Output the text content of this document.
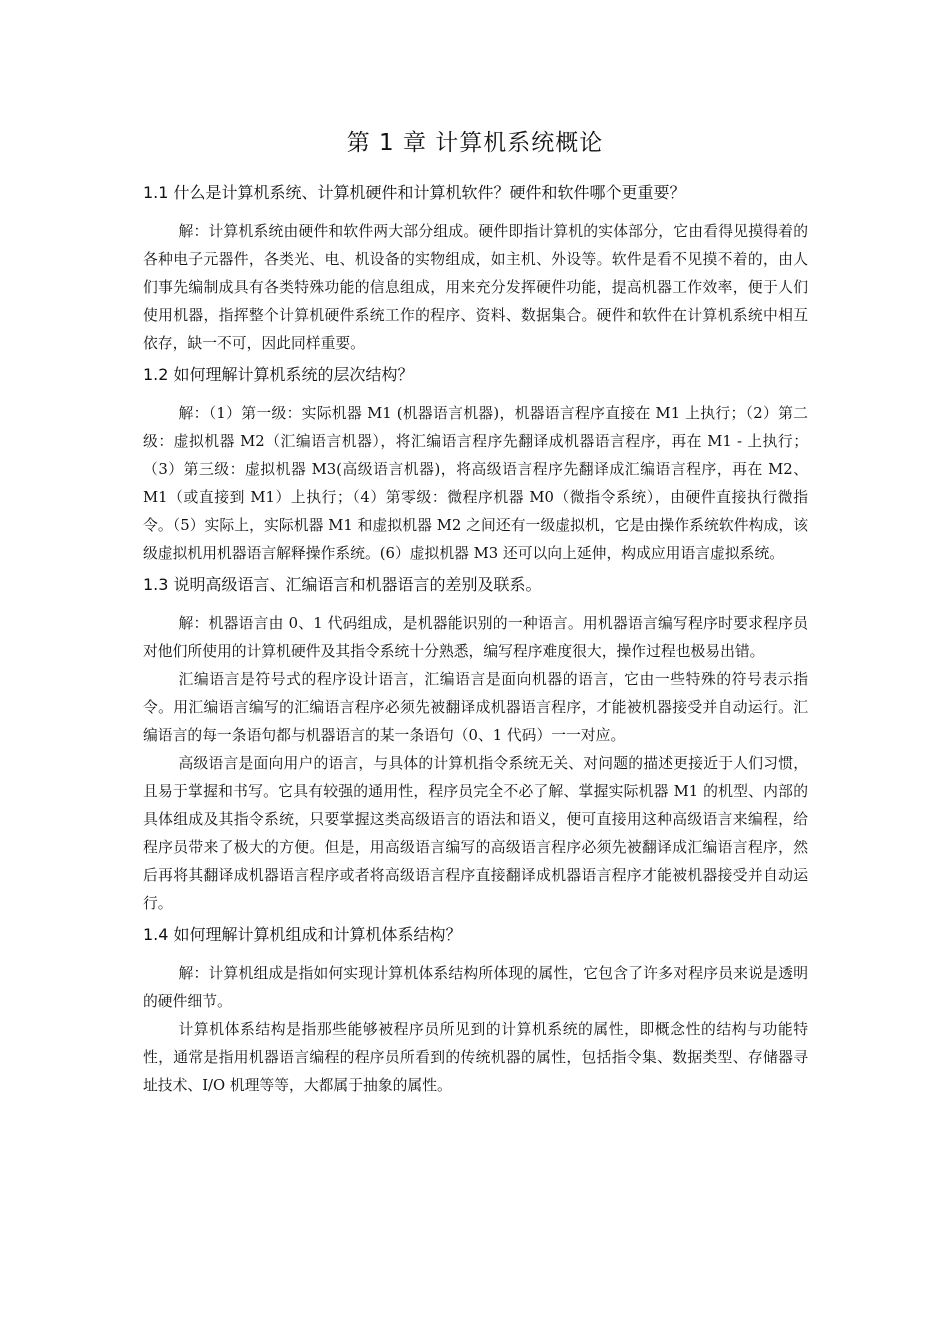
第 1 章 计算机系统概论
1.1 什么是计算机系统、计算机硬件和计算机软件？硬件和软件哪个更重要？

解：计算机系统由硬件和软件两大部分组成。硬件即指计算机的实体部分，它由看得见摸得着的各种电子元器件，各类光、电、机设备的实物组成，如主机、外设等。软件是看不见摸不着的，由人们事先编制成具有各类特殊功能的信息组成，用来充分发挥硬件功能，提高机器工作效率，便于人们使用机器，指挥整个计算机硬件系统工作的程序、资料、数据集合。硬件和软件在计算机系统中相互依存，缺一不可，因此同样重要。

1.2 如何理解计算机系统的层次结构？

解：（1）第一级：实际机器 M1 (机器语言机器)，机器语言程序直接在 M1 上执行；（2）第二级：虚拟机器 M2（汇编语言机器），将汇编语言程序先翻译成机器语言程序，再在 M1 - 上执行；（3）第三级：虚拟机器 M3(高级语言机器)，将高级语言程序先翻译成汇编语言程序，再在 M2、M1（或直接到 M1）上执行；（4）第零级：微程序机器 M0（微指令系统），由硬件直接执行微指令。（5）实际上，实际机器 M1 和虚拟机器 M2 之间还有一级虚拟机，它是由操作系统软件构成，该级虚拟机用机器语言解释操作系统。(6）虚拟机器 M3 还可以向上延伸，构成应用语言虚拟系统。

1.3 说明高级语言、汇编语言和机器语言的差别及联系。

解：机器语言由 0、1 代码组成，是机器能识别的一种语言。用机器语言编写程序时要求程序员对他们所使用的计算机硬件及其指令系统十分熟悉，编写程序难度很大，操作过程也极易出错。

汇编语言是符号式的程序设计语言，汇编语言是面向机器的语言，它由一些特殊的符号表示指令。用汇编语言编写的汇编语言程序必须先被翻译成机器语言程序，才能被机器接受并自动运行。汇编语言的每一条语句都与机器语言的某一条语句（0、1 代码）一一对应。

高级语言是面向用户的语言，与具体的计算机指令系统无关、对问题的描述更接近于人们习惯，且易于掌握和书写。它具有较强的通用性，程序员完全不必了解、掌握实际机器 M1 的机型、内部的具体组成及其指令系统，只要掌握这类高级语言的语法和语义，便可直接用这种高级语言来编程，给程序员带来了极大的方便。但是，用高级语言编写的高级语言程序必须先被翻译成汇编语言程序，然后再将其翻译成机器语言程序或者将高级语言程序直接翻译成机器语言程序才能被机器接受并自动运行。

1.4 如何理解计算机组成和计算机体系结构？

解：计算机组成是指如何实现计算机体系结构所体现的属性，它包含了许多对程序员来说是透明的硬件细节。

计算机体系结构是指那些能够被程序员所见到的计算机系统的属性，即概念性的结构与功能特性，通常是指用机器语言编程的程序员所看到的传统机器的属性，包括指令集、数据类型、存储器寻址技术、I/O 机理等等，大都属于抽象的属性。
